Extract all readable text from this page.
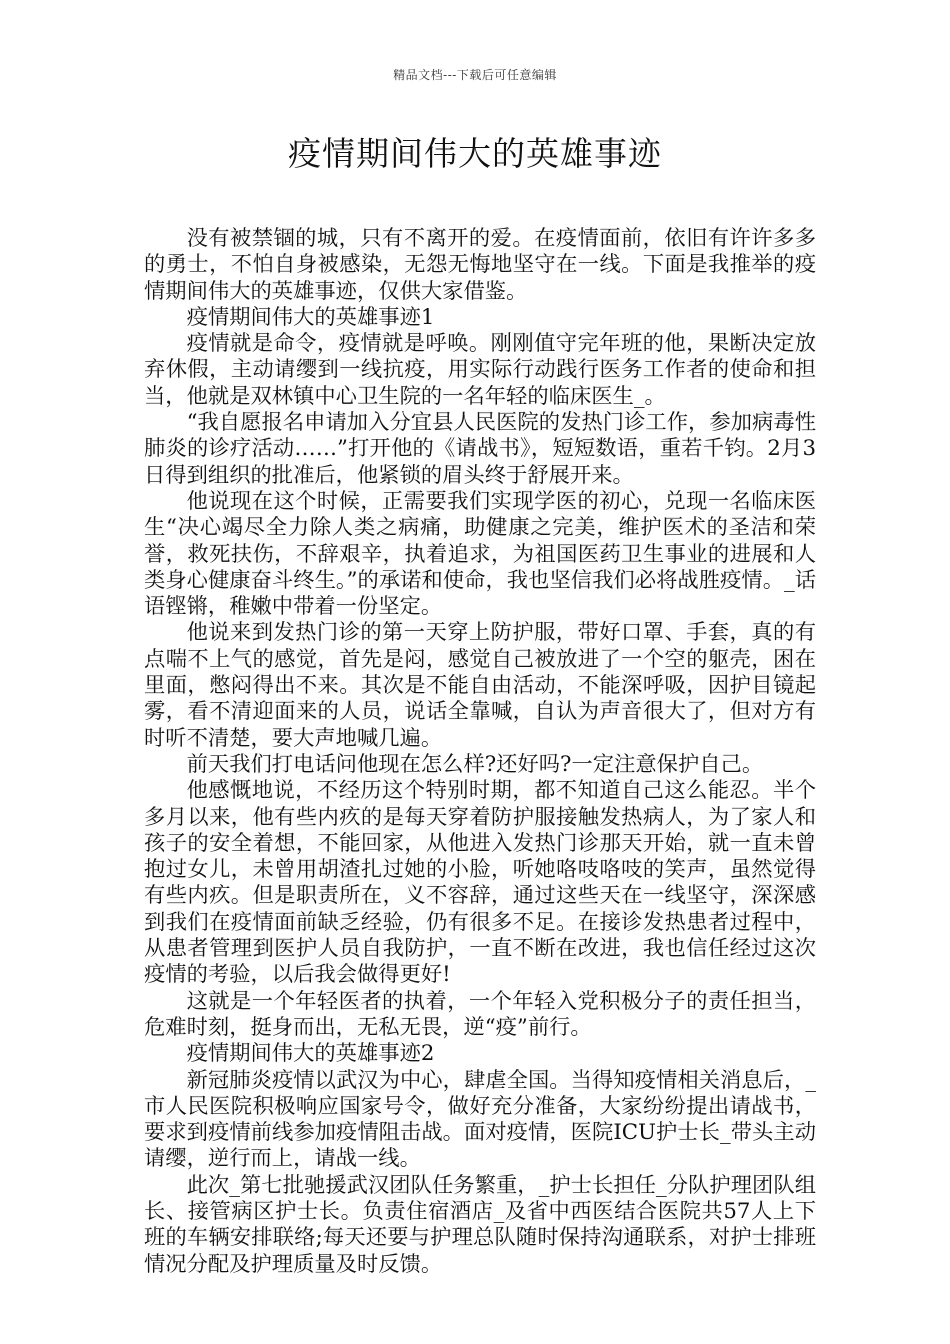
精品文档---下载后可任意编辑
疫情期间伟大的英雄事迹

没有被禁锢的城，只有不离开的爱。在疫情面前，依旧有许许多多的勇士，不怕自身被感染，无怨无悔地坚守在一线。下面是我推举的疫情期间伟大的英雄事迹，仅供大家借鉴。

疫情期间伟大的英雄事迹1

疫情就是命令，疫情就是呼唤。刚刚值守完年班的他，果断决定放弃休假，主动请缨到一线抗疫，用实际行动践行医务工作者的使命和担当，他就是双林镇中心卫生院的一名年轻的临床医生_。

“我自愿报名申请加入分宜县人民医院的发热门诊工作，参加病毒性肺炎的诊疗活动……”打开他的《请战书》，短短数语，重若千钧。2月3日得到组织的批准后，他紧锁的眉头终于舒展开来。

他说现在这个时候，正需要我们实现学医的初心，兑现一名临床医生“决心竭尽全力除人类之病痛，助健康之完美，维护医术的圣洁和荣誉，救死扶伤，不辞艰辛，执着追求，为祖国医药卫生事业的进展和人类身心健康奋斗终生。”的承诺和使命，我也坚信我们必将战胜疫情。_话语铿锵，稚嫩中带着一份坚定。

他说来到发热门诊的第一天穿上防护服，带好口罩、手套，真的有点喘不上气的感觉，首先是闷，感觉自己被放进了一个空的躯壳，困在里面，憋闷得出不来。其次是不能自由活动，不能深呼吸，因护目镜起雾，看不清迎面来的人员，说话全靠喊，自认为声音很大了，但对方有时听不清楚，要大声地喊几遍。

前天我们打电话问他现在怎么样?还好吗?一定注意保护自己。

他感慨地说，不经历这个特别时期，都不知道自己这么能忍。半个多月以来，他有些内疚的是每天穿着防护服接触发热病人，为了家人和孩子的安全着想，不能回家，从他进入发热门诊那天开始，就一直未曾抱过女儿，未曾用胡渣扎过她的小脸，听她咯吱咯吱的笑声，虽然觉得有些内疚。但是职责所在，义不容辞，通过这些天在一线坚守，深深感到我们在疫情面前缺乏经验，仍有很多不足。在接诊发热患者过程中，从患者管理到医护人员自我防护，一直不断在改进，我也信任经过这次疫情的考验，以后我会做得更好!

这就是一个年轻医者的执着，一个年轻入党积极分子的责任担当，危难时刻，挺身而出，无私无畏，逆“疫”前行。

疫情期间伟大的英雄事迹2

新冠肺炎疫情以武汉为中心，肆虐全国。当得知疫情相关消息后，_市人民医院积极响应国家号令，做好充分准备，大家纷纷提出请战书，要求到疫情前线参加疫情阻击战。面对疫情，医院ICU护士长_带头主动请缨，逆行而上，请战一线。

此次_第七批驰援武汉团队任务繁重，_护士长担任_分队护理团队组长、接管病区护士长。负责住宿酒店_及省中西医结合医院共57人上下班的车辆安排联络;每天还要与护理总队随时保持沟通联系，对护士排班情况分配及护理质量及时反馈。
